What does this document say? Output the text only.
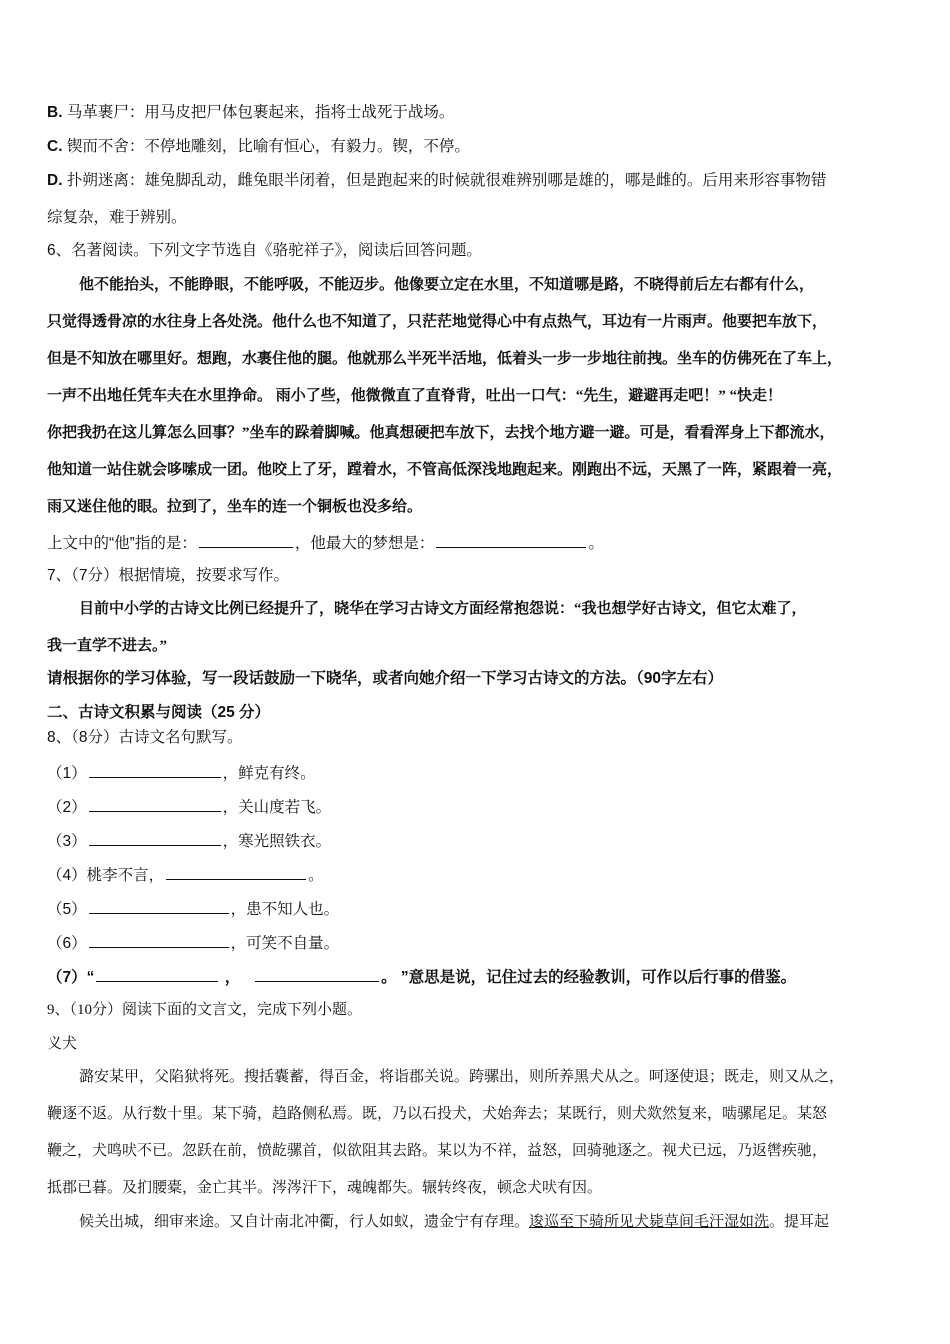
B. 马革裹尸：用马皮把尸体包裹起来，指将士战死于战场。
C. 锲而不舍：不停地雕刻，比喻有恒心，有毅力。锲，不停。
D. 扑朔迷离：雄兔脚乱动，雌兔眼半闭着，但是跑起来的时候就很难辨别哪是雄的，哪是雌的。后用来形容事物错
综复杂，难于辨别。
6、名著阅读。下列文字节选自《骆驼祥子》，阅读后回答问题。
他不能抬头，不能睁眼，不能呼吸，不能迈步。他像要立定在水里，不知道哪是路，不晓得前后左右都有什么，
只觉得透骨凉的水往身上各处浇。他什么也不知道了，只茫茫地觉得心中有点热气，耳边有一片雨声。他要把车放下，
但是不知放在哪里好。想跑，水裹住他的腿。他就那么半死半活地，低着头一步一步地往前拽。坐车的仿佛死在了车上，
一声不出地任凭车夫在水里挣命。 雨小了些，他微微直了直脊背，吐出一口气：“先生，避避再走吧！” “快走！
你把我扔在这儿算怎么回事？”坐车的跺着脚喊。他真想硬把车放下，去找个地方避一避。可是，看看浑身上下都流水，
他知道一站住就会哆嗦成一团。他咬上了牙，蹚着水，不管高低深浅地跑起来。刚跑出不远，天黑了一阵，紧跟着一亮，
雨又迷住他的眼。拉到了，坐车的连一个铜板也没多给。
上文中的“他”指的是：	，他最大的梦想是：	。
7、（7分）根据情境，按要求写作。
目前中小学的古诗文比例已经提升了，晓华在学习古诗文方面经常抱怨说：“我也想学好古诗文，但它太难了，
我一直学不进去。”
请根据你的学习体验，写一段话鼓励一下晓华，或者向她介绍一下学习古诗文的方法。（90字左右）
二、古诗文积累与阅读（25 分）
8、（8分）古诗文名句默写。
（1）	，鲜克有终。
（2）	，关山度若飞。
（3）	，寒光照铁衣。
（4）桃李不言，	。
（5）	，患不知人也。
（6）	，可笑不自量。
（7）“	，	。 ”意思是说，记住过去的经验教训，可作以后行事的借鉴。
9、（10分）阅读下面的文言文，完成下列小题。
义犬
潞安某甲，父陷狱将死。搜括囊蓄，得百金，将诣郡关说。跨骡出，则所养黑犬从之。呵逐使退；既走，则又从之，
鞭逐不返。从行数十里。某下骑，趋路侧私焉。既，乃以石投犬，犬始奔去；某既行，则犬欻然复来，啮骡尾足。某怒
鞭之，犬鸣吠不已。忽跃在前，愤龁骡首，似欲阻其去路。某以为不祥，益怒，回骑驰逐之。视犬已远，乃返辔疾驰，
抵郡已暮。及扪腰橐，金亡其半。涔涔汗下，魂魄都失。辗转终夜，顿念犬吠有因。
候关出城，细审来途。又自计南北冲衢，行人如蚁，遗金宁有存理。逡巡至下骑所见犬毙草间毛汗湿如洗。提耳起
